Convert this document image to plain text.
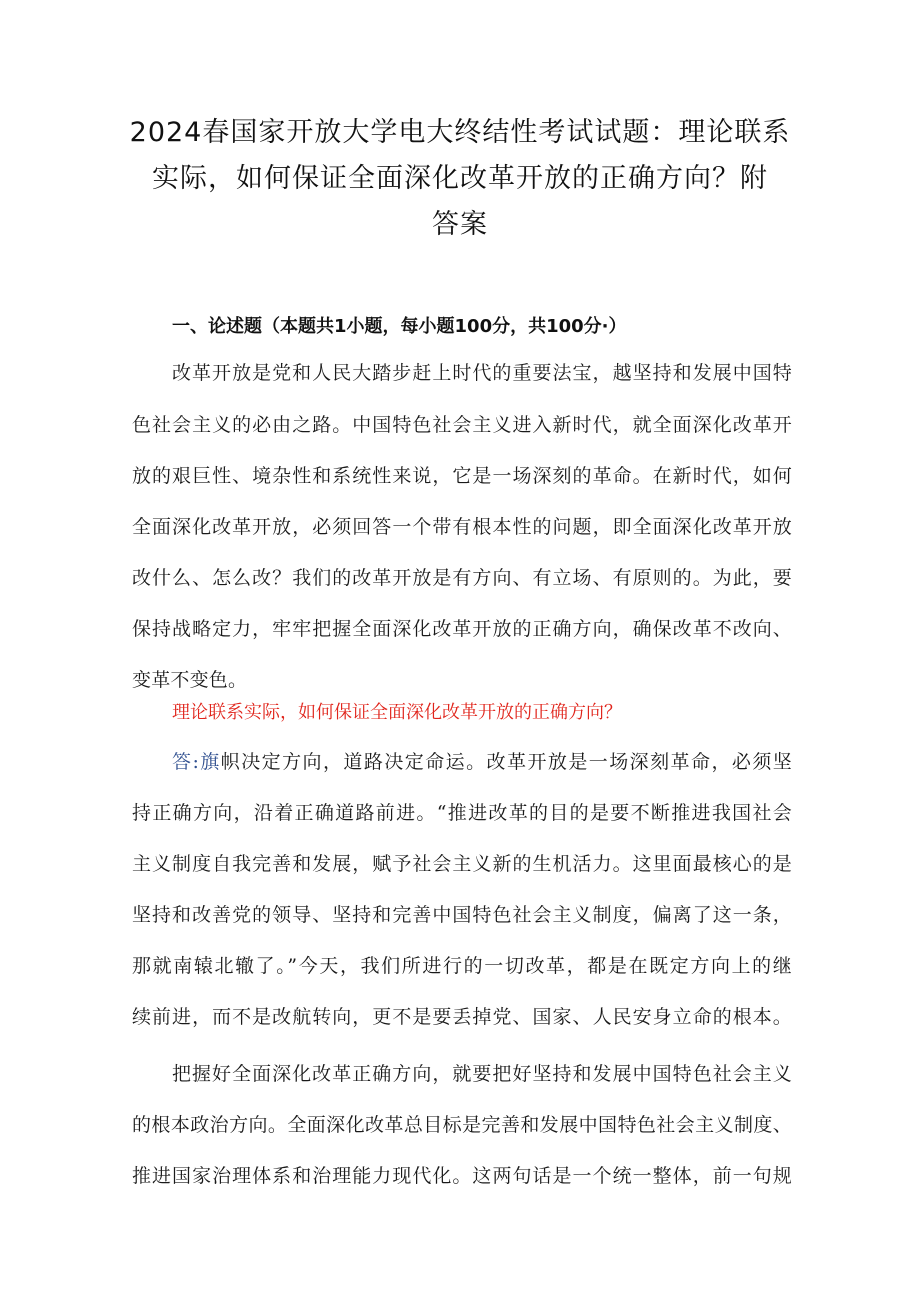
2024春国家开放大学电大终结性考试试题：理论联系
实际，如何保证全面深化改革开放的正确方向？附
答案
一、论述题（本题共1小题，每小题100分，共100分·）
改革开放是党和人民大踏步赶上时代的重要法宝，越坚持和发展中国特
色社会主义的必由之路。中国特色社会主义进入新时代，就全面深化改革开
放的艰巨性、境杂性和系统性来说，它是一场深刻的革命。在新时代，如何
全面深化改革开放，必须回答一个带有根本性的问题，即全面深化改革开放
改什么、怎么改？我们的改革开放是有方向、有立场、有原则的。为此，要
保持战略定力，牢牢把握全面深化改革开放的正确方向，确保改革不改向、
变革不变色。
理论联系实际，如何保证全面深化改革开放的正确方向？
答:旗帜决定方向，道路决定命运。改革开放是一场深刻革命，必须坚
持正确方向，沿着正确道路前进。“推进改革的目的是要不断推进我国社会
主义制度自我完善和发展，赋予社会主义新的生机活力。这里面最核心的是
坚持和改善党的领导、坚持和完善中国特色社会主义制度，偏离了这一条，
那就南辕北辙了。”今天，我们所进行的一切改革，都是在既定方向上的继
续前进，而不是改航转向，更不是要丢掉党、国家、人民安身立命的根本。
把握好全面深化改革正确方向，就要把好坚持和发展中国特色社会主义
的根本政治方向。全面深化改革总目标是完善和发展中国特色社会主义制度、
推进国家治理体系和治理能力现代化。这两句话是一个统一整体，前一句规
